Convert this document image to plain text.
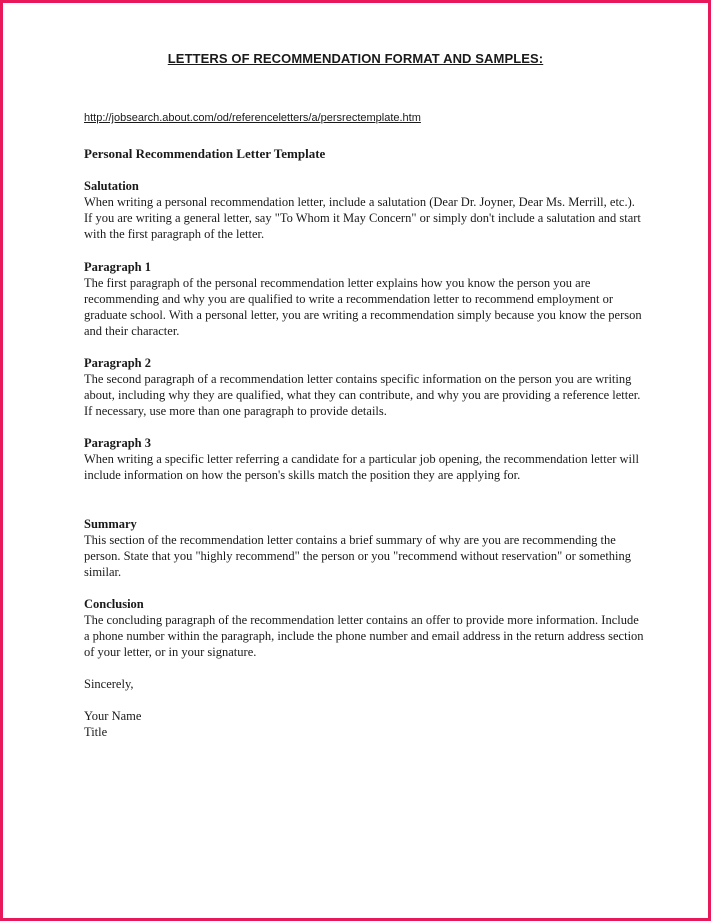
LETTERS OF RECOMMENDATION FORMAT AND SAMPLES:
http://jobsearch.about.com/od/referenceletters/a/persrectemplate.htm
Personal Recommendation Letter Template
Salutation
When writing a personal recommendation letter, include a salutation (Dear Dr. Joyner, Dear Ms. Merrill, etc.). If you are writing a general letter, say "To Whom it May Concern" or simply don't include a salutation and start with the first paragraph of the letter.
Paragraph 1
The first paragraph of the personal recommendation letter explains how you know the person you are recommending and why you are qualified to write a recommendation letter to recommend employment or graduate school. With a personal letter, you are writing a recommendation simply because you know the person and their character.
Paragraph 2
The second paragraph of a recommendation letter contains specific information on the person you are writing about, including why they are qualified, what they can contribute, and why you are providing a reference letter. If necessary, use more than one paragraph to provide details.
Paragraph 3
When writing a specific letter referring a candidate for a particular job opening, the recommendation letter will include information on how the person's skills match the position they are applying for.
Summary
This section of the recommendation letter contains a brief summary of why are you are recommending the person. State that you "highly recommend" the person or you "recommend without reservation" or something similar.
Conclusion
The concluding paragraph of the recommendation letter contains an offer to provide more information. Include a phone number within the paragraph, include the phone number and email address in the return address section of your letter, or in your signature.
Sincerely,
Your Name
Title
